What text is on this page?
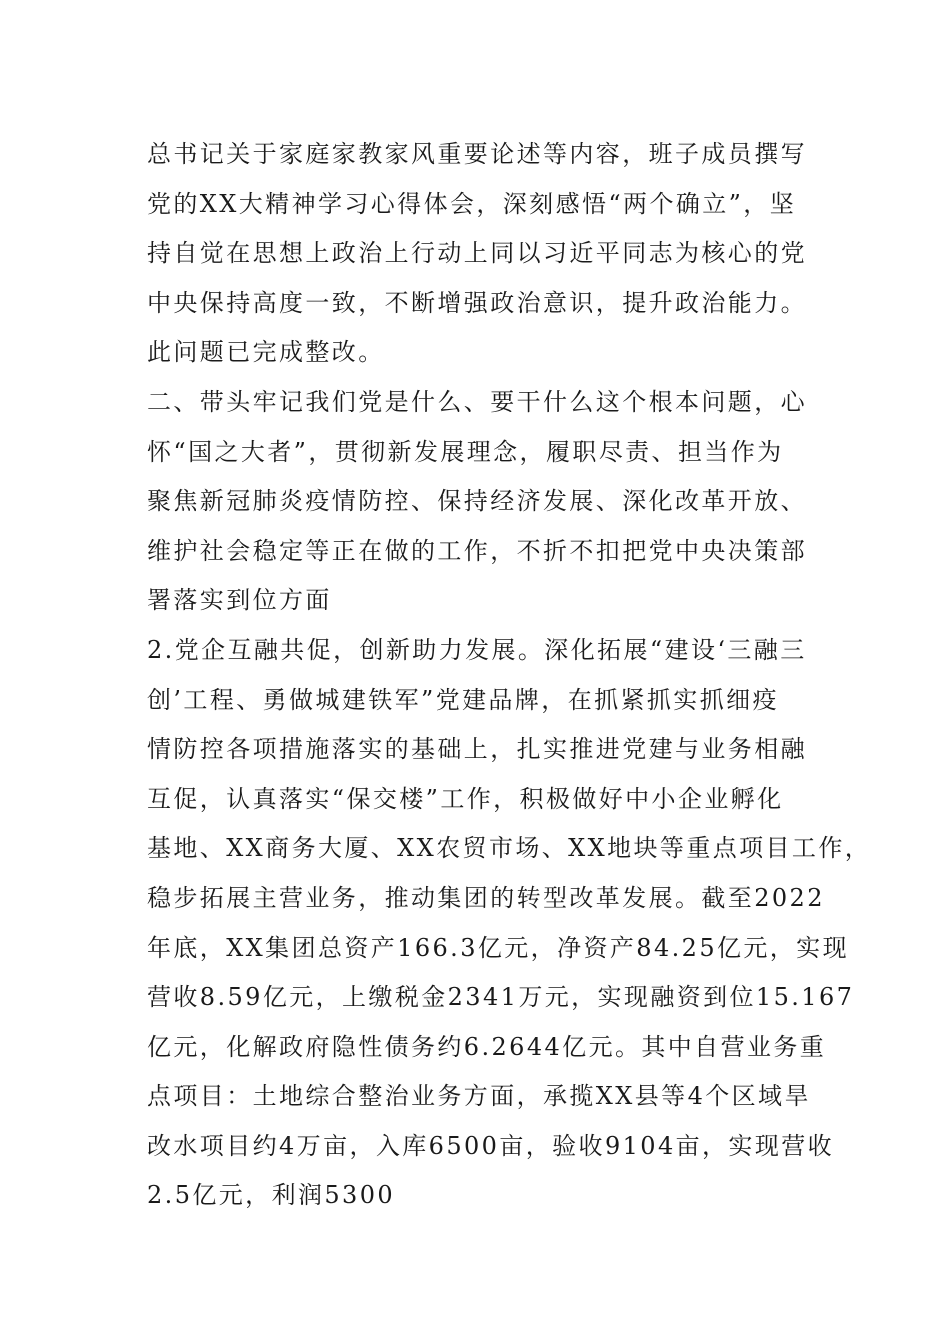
总书记关于家庭家教家风重要论述等内容，班子成员撰写
党的XX大精神学习心得体会，深刻感悟“两个确立”，坚
持自觉在思想上政治上行动上同以习近平同志为核心的党
中央保持高度一致，不断增强政治意识，提升政治能力。
此问题已完成整改。
二、带头牢记我们党是什么、要干什么这个根本问题，心
怀“国之大者”，贯彻新发展理念，履职尽责、担当作为
聚焦新冠肺炎疫情防控、保持经济发展、深化改革开放、
维护社会稳定等正在做的工作，不折不扣把党中央决策部
署落实到位方面
2.党企互融共促，创新助力发展。深化拓展“建设‘三融三
创’工程、勇做城建铁军”党建品牌，在抓紧抓实抓细疫
情防控各项措施落实的基础上，扎实推进党建与业务相融
互促，认真落实“保交楼”工作，积极做好中小企业孵化
基地、XX商务大厦、XX农贸市场、XX地块等重点项目工作，
稳步拓展主营业务，推动集团的转型改革发展。截至2022
年底，XX集团总资产166.3亿元，净资产84.25亿元，实现
营收8.59亿元，上缴税金2341万元，实现融资到位15.167
亿元，化解政府隐性债务约6.2644亿元。其中自营业务重
点项目：土地综合整治业务方面，承揽XX县等4个区域旱
改水项目约4万亩，入库6500亩，验收9104亩，实现营收
2.5亿元，利润5300
